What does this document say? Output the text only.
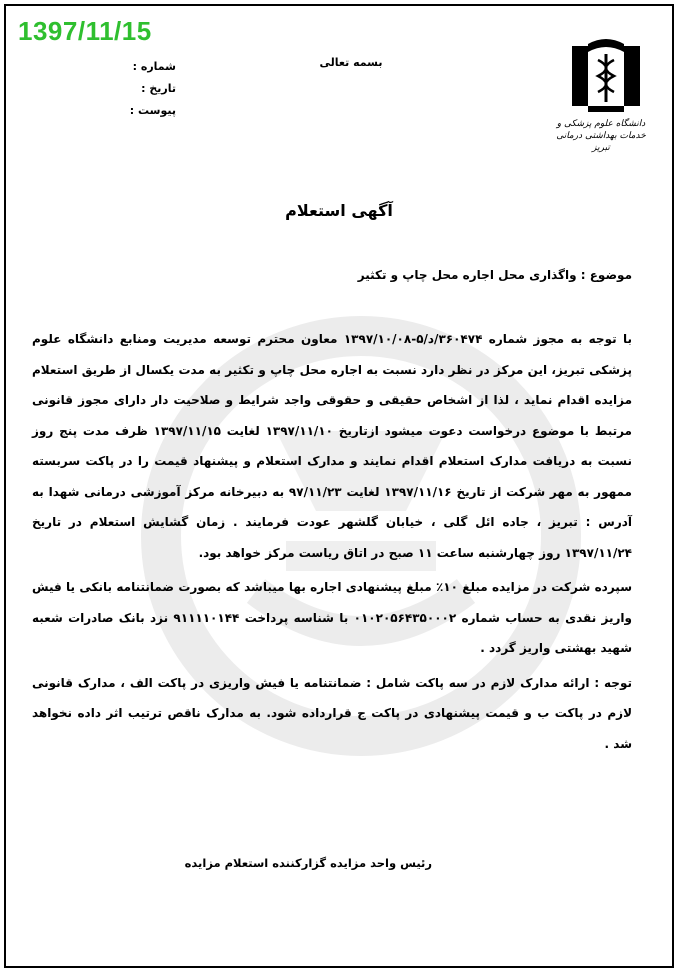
1397/11/15
شماره :
تاریخ :
پیوست :
بسمه تعالی
دانشگاه علوم پزشکی و خدمات بهداشتی درمانی تبریز
آگهی استعلام
موضوع : واگذاری محل اجاره محل چاپ و تکثیر

با توجه به مجوز شماره ۳۶۰۴۷۴/د/۵-۱۳۹۷/۱۰/۰۸ معاون محترم توسعه مدیریت ومنابع دانشگاه علوم پزشکی تبریز، این مرکز در نظر دارد نسبت به اجاره محل چاپ و تکثیر به مدت یکسال از طریق استعلام مزایده اقدام نماید ، لذا از اشخاص حقیقی و حقوقی واجد شرایط و صلاحیت دار دارای مجوز قانونی مرتبط با موضوع درخواست دعوت میشود ازتاریخ ۱۳۹۷/۱۱/۱۰ لغایت ۱۳۹۷/۱۱/۱۵ ظرف مدت پنج روز نسبت به دریافت مدارک استعلام اقدام نمایند و مدارک استعلام و پیشنهاد قیمت را در پاکت سربسته ممهور به مهر شرکت از تاریخ ۱۳۹۷/۱۱/۱۶ لغایت ۹۷/۱۱/۲۳ به دبیرخانه مرکز آموزشی درمانی شهدا به آدرس : تبریز ، جاده ائل گلی ، خیابان گلشهر عودت فرمایند . زمان گشایش استعلام در تاریخ ۱۳۹۷/۱۱/۲۴ روز چهارشنبه ساعت ۱۱ صبح در اتاق ریاست مرکز خواهد بود.

سپرده شرکت در مزایده مبلغ ۱۰٪ مبلغ پیشنهادی اجاره بها میباشد که بصورت ضمانتنامه بانکی یا فیش واریز نقدی به حساب شماره ۰۱۰۲۰۵۶۴۳۵۰۰۰۲ با شناسه پرداخت ۹۱۱۱۱۰۱۴۴ نزد بانک صادرات شعبه شهید بهشتی واریز گردد .

توجه : ارائه مدارک لازم در سه پاکت شامل : ضمانتنامه یا فیش واریزی در پاکت الف ، مدارک قانونی لازم در پاکت ب و قیمت پیشنهادی در پاکت ج قرارداده شود. به مدارک ناقص ترتیب اثر داده نخواهد شد .

رئیس واحد مزایده گزارکننده استعلام مزایده
